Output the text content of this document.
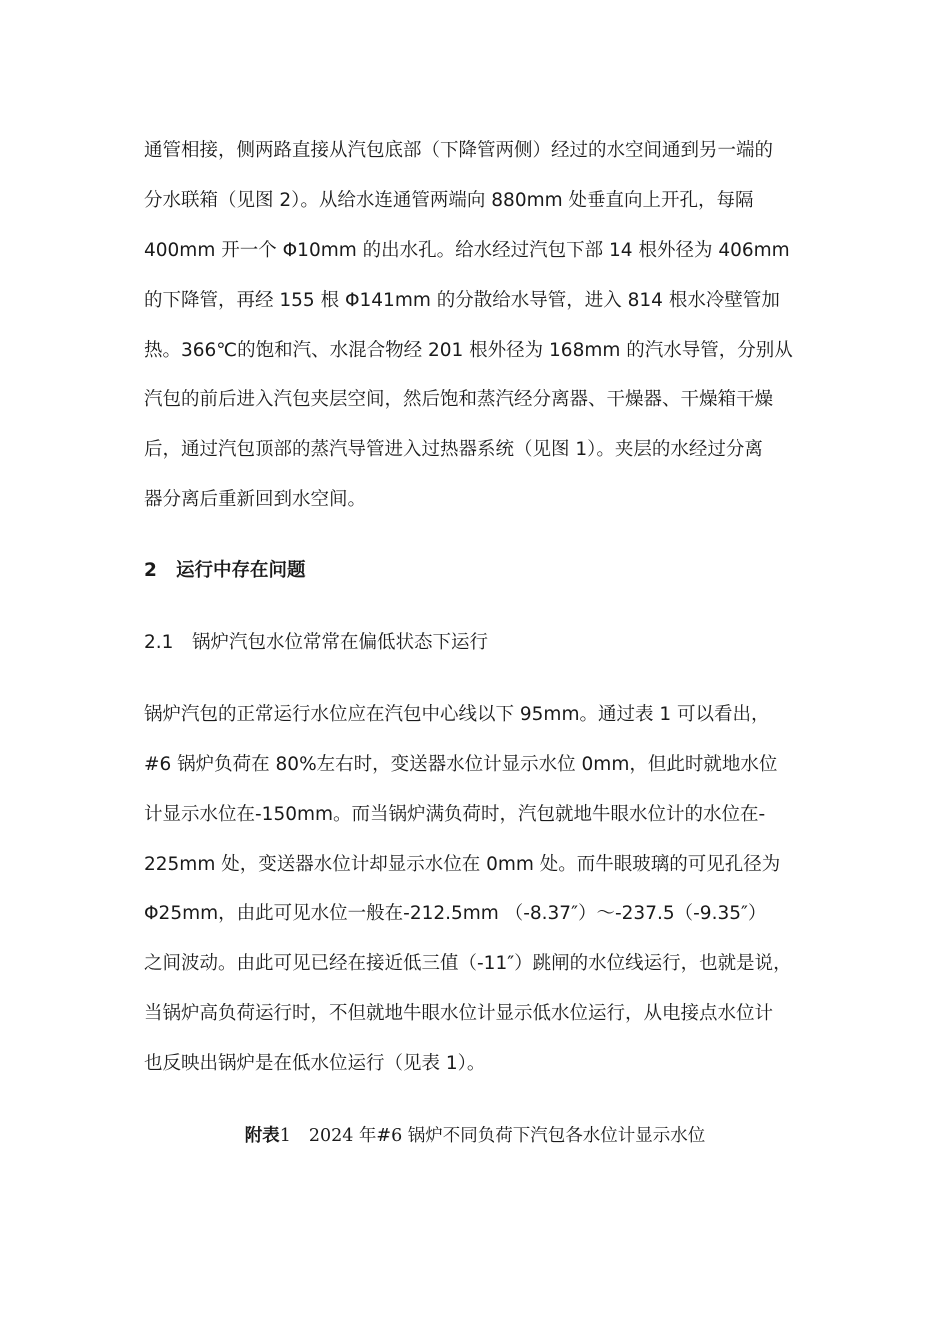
通管相接，侧两路直接从汽包底部（下降管两侧）经过的水空间通到另一端的
分水联箱（见图 2）。从给水连通管两端向 880mm 处垂直向上开孔，每隔
400mm 开一个 Φ10mm 的出水孔。给水经过汽包下部 14 根外径为 406mm
的下降管，再经 155 根 Φ141mm 的分散给水导管，进入 814 根水冷壁管加
热。366℃的饱和汽、水混合物经 201 根外径为 168mm 的汽水导管，分别从
汽包的前后进入汽包夹层空间，然后饱和蒸汽经分离器、干燥器、干燥箱干燥
后，通过汽包顶部的蒸汽导管进入过热器系统（见图 1）。夹层的水经过分离
器分离后重新回到水空间。
2 运行中存在问题
2.1 锅炉汽包水位常常在偏低状态下运行
锅炉汽包的正常运行水位应在汽包中心线以下 95mm。通过表 1 可以看出，
#6 锅炉负荷在 80%左右时，变送器水位计显示水位 0mm，但此时就地水位
计显示水位在-150mm。而当锅炉满负荷时，汽包就地牛眼水位计的水位在-
225mm 处，变送器水位计却显示水位在 0mm 处。而牛眼玻璃的可见孔径为
Φ25mm，由此可见水位一般在-212.5mm （-8.37″）～-237.5（-9.35″）
之间波动。由此可见已经在接近低三值（-11″）跳闸的水位线运行，也就是说，
当锅炉高负荷运行时，不但就地牛眼水位计显示低水位运行，从电接点水位计
也反映出锅炉是在低水位运行（见表 1）。
附表1 2024 年#6 锅炉不同负荷下汽包各水位计显示水位
